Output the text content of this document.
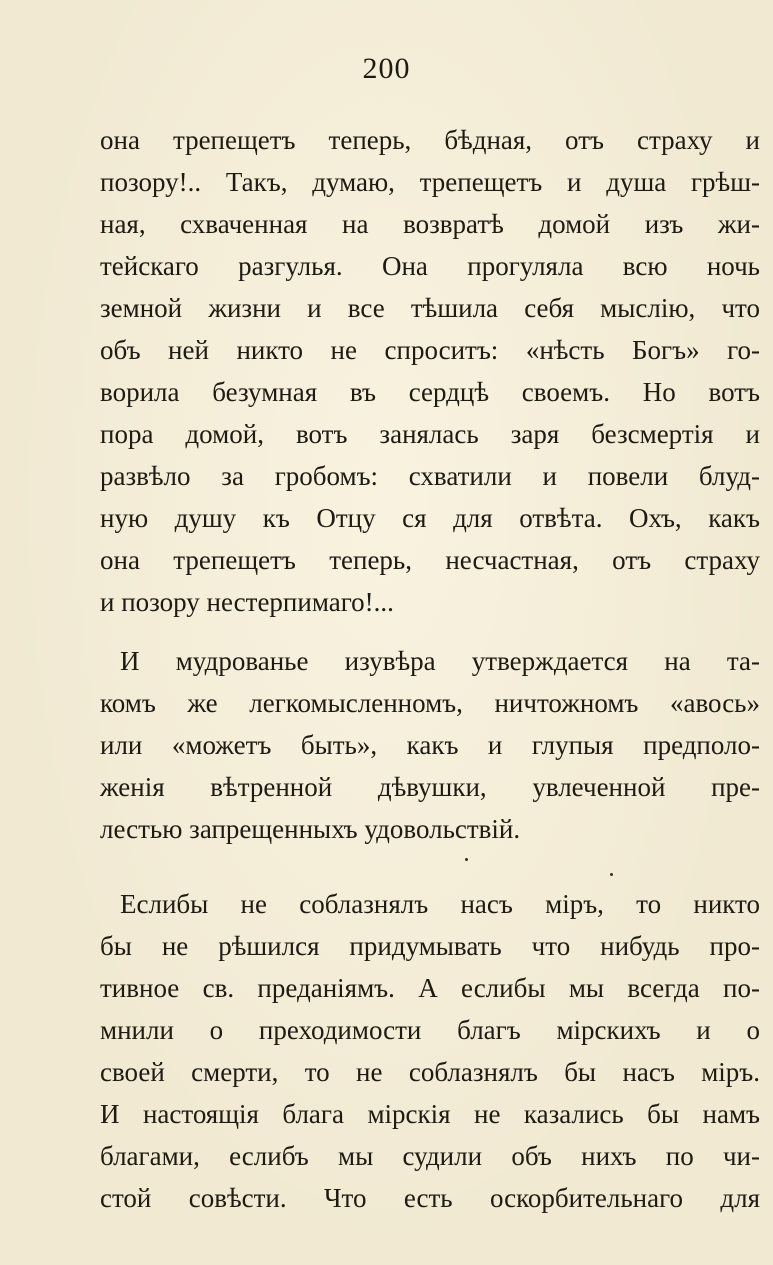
200
она трепещетъ теперь, бѣдная, отъ страху и
позору!.. Такъ, думаю, трепещетъ и душа грѣш-
ная, схваченная на возвратѣ домой изъ жи-
тейскаго разгулья. Она прогуляла всю ночь
земной жизни и все тѣшила себя мыслію, что
объ ней никто не спроситъ: «нѣсть Богъ» го-
ворила безумная въ сердцѣ своемъ. Но вотъ
пора домой, вотъ занялась заря безсмертія и
развѣло за гробомъ: схватили и повели блуд-
ную душу къ Отцу ся для отвѣта. Охъ, какъ
она трепещетъ теперь, несчастная, отъ страху
и позору нестерпимаго!...
И мудрованье изувѣра утверждается на та-
комъ же легкомысленномъ, ничтожномъ «авось»
или «можетъ быть», какъ и глупыя предполо-
женія вѣтренной дѣвушки, увлеченной пре-
лестью запрещенныхъ удовольствій.
Еслибы не соблазнялъ насъ міръ, то никто
бы не рѣшился придумывать что нибудь про-
тивное св. преданіямъ. А еслибы мы всегда по-
мнили о преходимости благъ мірскихъ и о
своей смерти, то не соблазнялъ бы насъ міръ.
И настоящія блага мірскія не казались бы намъ
благами, еслибъ мы судили объ нихъ по чи-
стой совѣсти. Что есть оскорбительнаго для
